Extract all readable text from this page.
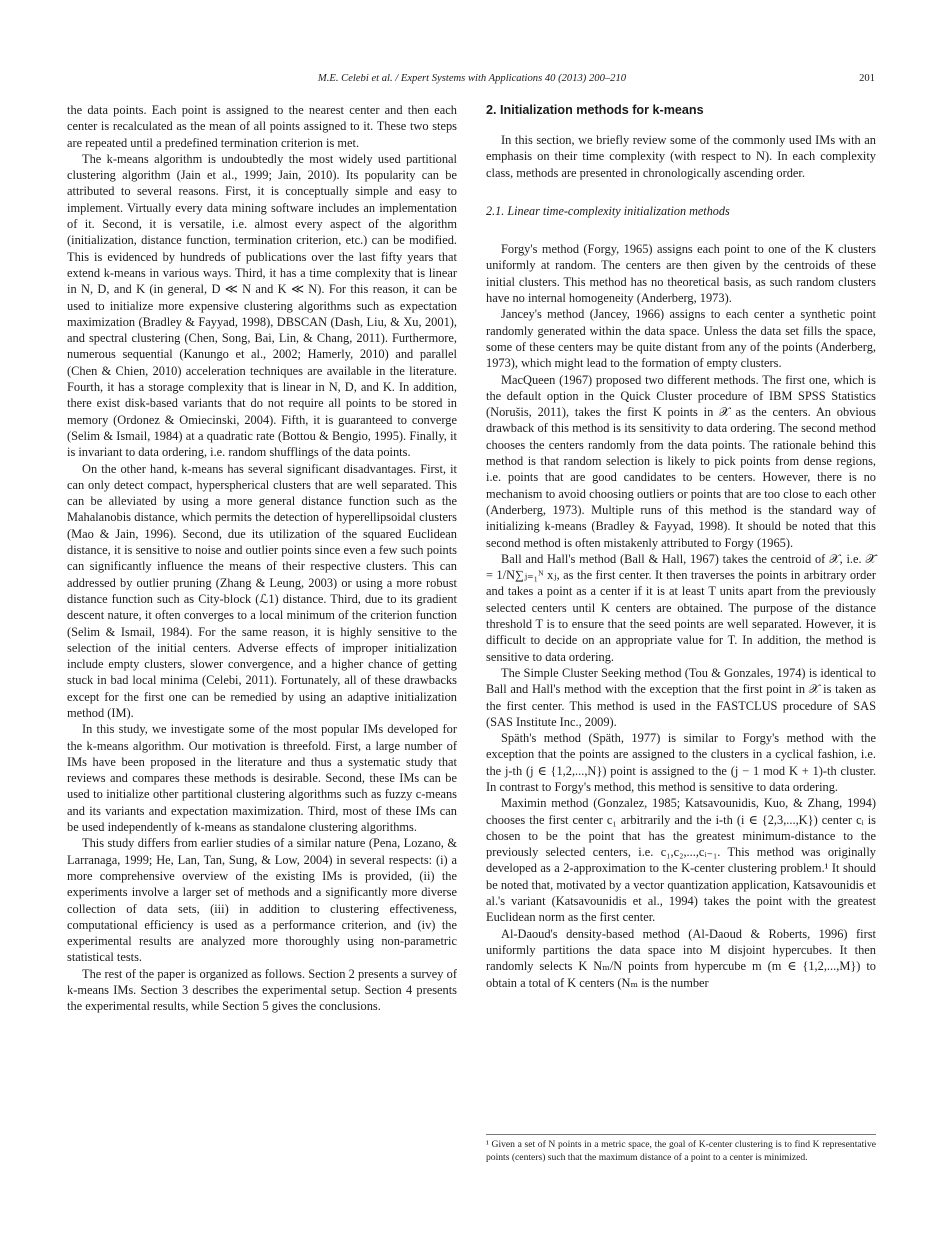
M.E. Celebi et al. / Expert Systems with Applications 40 (2013) 200–210	201

the data points. Each point is assigned to the nearest center and then each center is recalculated as the mean of all points assigned to it. These two steps are repeated until a predefined termination criterion is met.

The k-means algorithm is undoubtedly the most widely used partitional clustering algorithm (Jain et al., 1999; Jain, 2010). Its popularity can be attributed to several reasons. First, it is conceptually simple and easy to implement. Virtually every data mining software includes an implementation of it. Second, it is versatile, i.e. almost every aspect of the algorithm (initialization, distance function, termination criterion, etc.) can be modified. This is evidenced by hundreds of publications over the last fifty years that extend k-means in various ways. Third, it has a time complexity that is linear in N, D, and K (in general, D ≪ N and K ≪ N). For this reason, it can be used to initialize more expensive clustering algorithms such as expectation maximization (Bradley & Fayyad, 1998), DBSCAN (Dash, Liu, & Xu, 2001), and spectral clustering (Chen, Song, Bai, Lin, & Chang, 2011). Furthermore, numerous sequential (Kanungo et al., 2002; Hamerly, 2010) and parallel (Chen & Chien, 2010) acceleration techniques are available in the literature. Fourth, it has a storage complexity that is linear in N, D, and K. In addition, there exist disk-based variants that do not require all points to be stored in memory (Ordonez & Omiecinski, 2004). Fifth, it is guaranteed to converge (Selim & Ismail, 1984) at a quadratic rate (Bottou & Bengio, 1995). Finally, it is invariant to data ordering, i.e. random shufflings of the data points.

On the other hand, k-means has several significant disadvantages. First, it can only detect compact, hyperspherical clusters that are well separated. This can be alleviated by using a more general distance function such as the Mahalanobis distance, which permits the detection of hyperellipsoidal clusters (Mao & Jain, 1996). Second, due its utilization of the squared Euclidean distance, it is sensitive to noise and outlier points since even a few such points can significantly influence the means of their respective clusters. This can addressed by outlier pruning (Zhang & Leung, 2003) or using a more robust distance function such as City-block (ℒ1) distance. Third, due to its gradient descent nature, it often converges to a local minimum of the criterion function (Selim & Ismail, 1984). For the same reason, it is highly sensitive to the selection of the initial centers. Adverse effects of improper initialization include empty clusters, slower convergence, and a higher chance of getting stuck in bad local minima (Celebi, 2011). Fortunately, all of these drawbacks except for the first one can be remedied by using an adaptive initialization method (IM).

In this study, we investigate some of the most popular IMs developed for the k-means algorithm. Our motivation is threefold. First, a large number of IMs have been proposed in the literature and thus a systematic study that reviews and compares these methods is desirable. Second, these IMs can be used to initialize other partitional clustering algorithms such as fuzzy c-means and its variants and expectation maximization. Third, most of these IMs can be used independently of k-means as standalone clustering algorithms.

This study differs from earlier studies of a similar nature (Pena, Lozano, & Larranaga, 1999; He, Lan, Tan, Sung, & Low, 2004) in several respects: (i) a more comprehensive overview of the existing IMs is provided, (ii) the experiments involve a larger set of methods and a significantly more diverse collection of data sets, (iii) in addition to clustering effectiveness, computational efficiency is used as a performance criterion, and (iv) the experimental results are analyzed more thoroughly using non-parametric statistical tests.

The rest of the paper is organized as follows. Section 2 presents a survey of k-means IMs. Section 3 describes the experimental setup. Section 4 presents the experimental results, while Section 5 gives the conclusions.

2. Initialization methods for k-means

In this section, we briefly review some of the commonly used IMs with an emphasis on their time complexity (with respect to N). In each complexity class, methods are presented in chronologically ascending order.

2.1. Linear time-complexity initialization methods

Forgy's method (Forgy, 1965) assigns each point to one of the K clusters uniformly at random. The centers are then given by the centroids of these initial clusters. This method has no theoretical basis, as such random clusters have no internal homogeneity (Anderberg, 1973).

Jancey's method (Jancey, 1966) assigns to each center a synthetic point randomly generated within the data space. Unless the data set fills the space, some of these centers may be quite distant from any of the points (Anderberg, 1973), which might lead to the formation of empty clusters.

MacQueen (1967) proposed two different methods. The first one, which is the default option in the Quick Cluster procedure of IBM SPSS Statistics (Norušis, 2011), takes the first K points in 𝒳 as the centers. An obvious drawback of this method is its sensitivity to data ordering. The second method chooses the centers randomly from the data points. The rationale behind this method is that random selection is likely to pick points from dense regions, i.e. points that are good candidates to be centers. However, there is no mechanism to avoid choosing outliers or points that are too close to each other (Anderberg, 1973). Multiple runs of this method is the standard way of initializing k-means (Bradley & Fayyad, 1998). It should be noted that this second method is often mistakenly attributed to Forgy (1965).

Ball and Hall's method (Ball & Hall, 1967) takes the centroid of 𝒳, i.e. 𝒳̄ = 1/N∑ⱼ₌₁ᴺ xⱼ, as the first center. It then traverses the points in arbitrary order and takes a point as a center if it is at least T units apart from the previously selected centers until K centers are obtained. The purpose of the distance threshold T is to ensure that the seed points are well separated. However, it is difficult to decide on an appropriate value for T. In addition, the method is sensitive to data ordering.

The Simple Cluster Seeking method (Tou & Gonzales, 1974) is identical to Ball and Hall's method with the exception that the first point in 𝒳 is taken as the first center. This method is used in the FASTCLUS procedure of SAS (SAS Institute Inc., 2009).

Späth's method (Späth, 1977) is similar to Forgy's method with the exception that the points are assigned to the clusters in a cyclical fashion, i.e. the j-th (j ∈ {1,2,...,N}) point is assigned to the (j − 1 mod K + 1)-th cluster. In contrast to Forgy's method, this method is sensitive to data ordering.

Maximin method (Gonzalez, 1985; Katsavounidis, Kuo, & Zhang, 1994) chooses the first center c₁ arbitrarily and the i-th (i ∈ {2,3,...,K}) center cᵢ is chosen to be the point that has the greatest minimum-distance to the previously selected centers, i.e. c₁,c₂,...,cᵢ₋₁. This method was originally developed as a 2-approximation to the K-center clustering problem.¹ It should be noted that, motivated by a vector quantization application, Katsavounidis et al.'s variant (Katsavounidis et al., 1994) takes the point with the greatest Euclidean norm as the first center.

Al-Daoud's density-based method (Al-Daoud & Roberts, 1996) first uniformly partitions the data space into M disjoint hypercubes. It then randomly selects K Nₘ/N points from hypercube m (m ∈ {1,2,...,M}) to obtain a total of K centers (Nₘ is the number

¹ Given a set of N points in a metric space, the goal of K-center clustering is to find K representative points (centers) such that the maximum distance of a point to a center is minimized.
